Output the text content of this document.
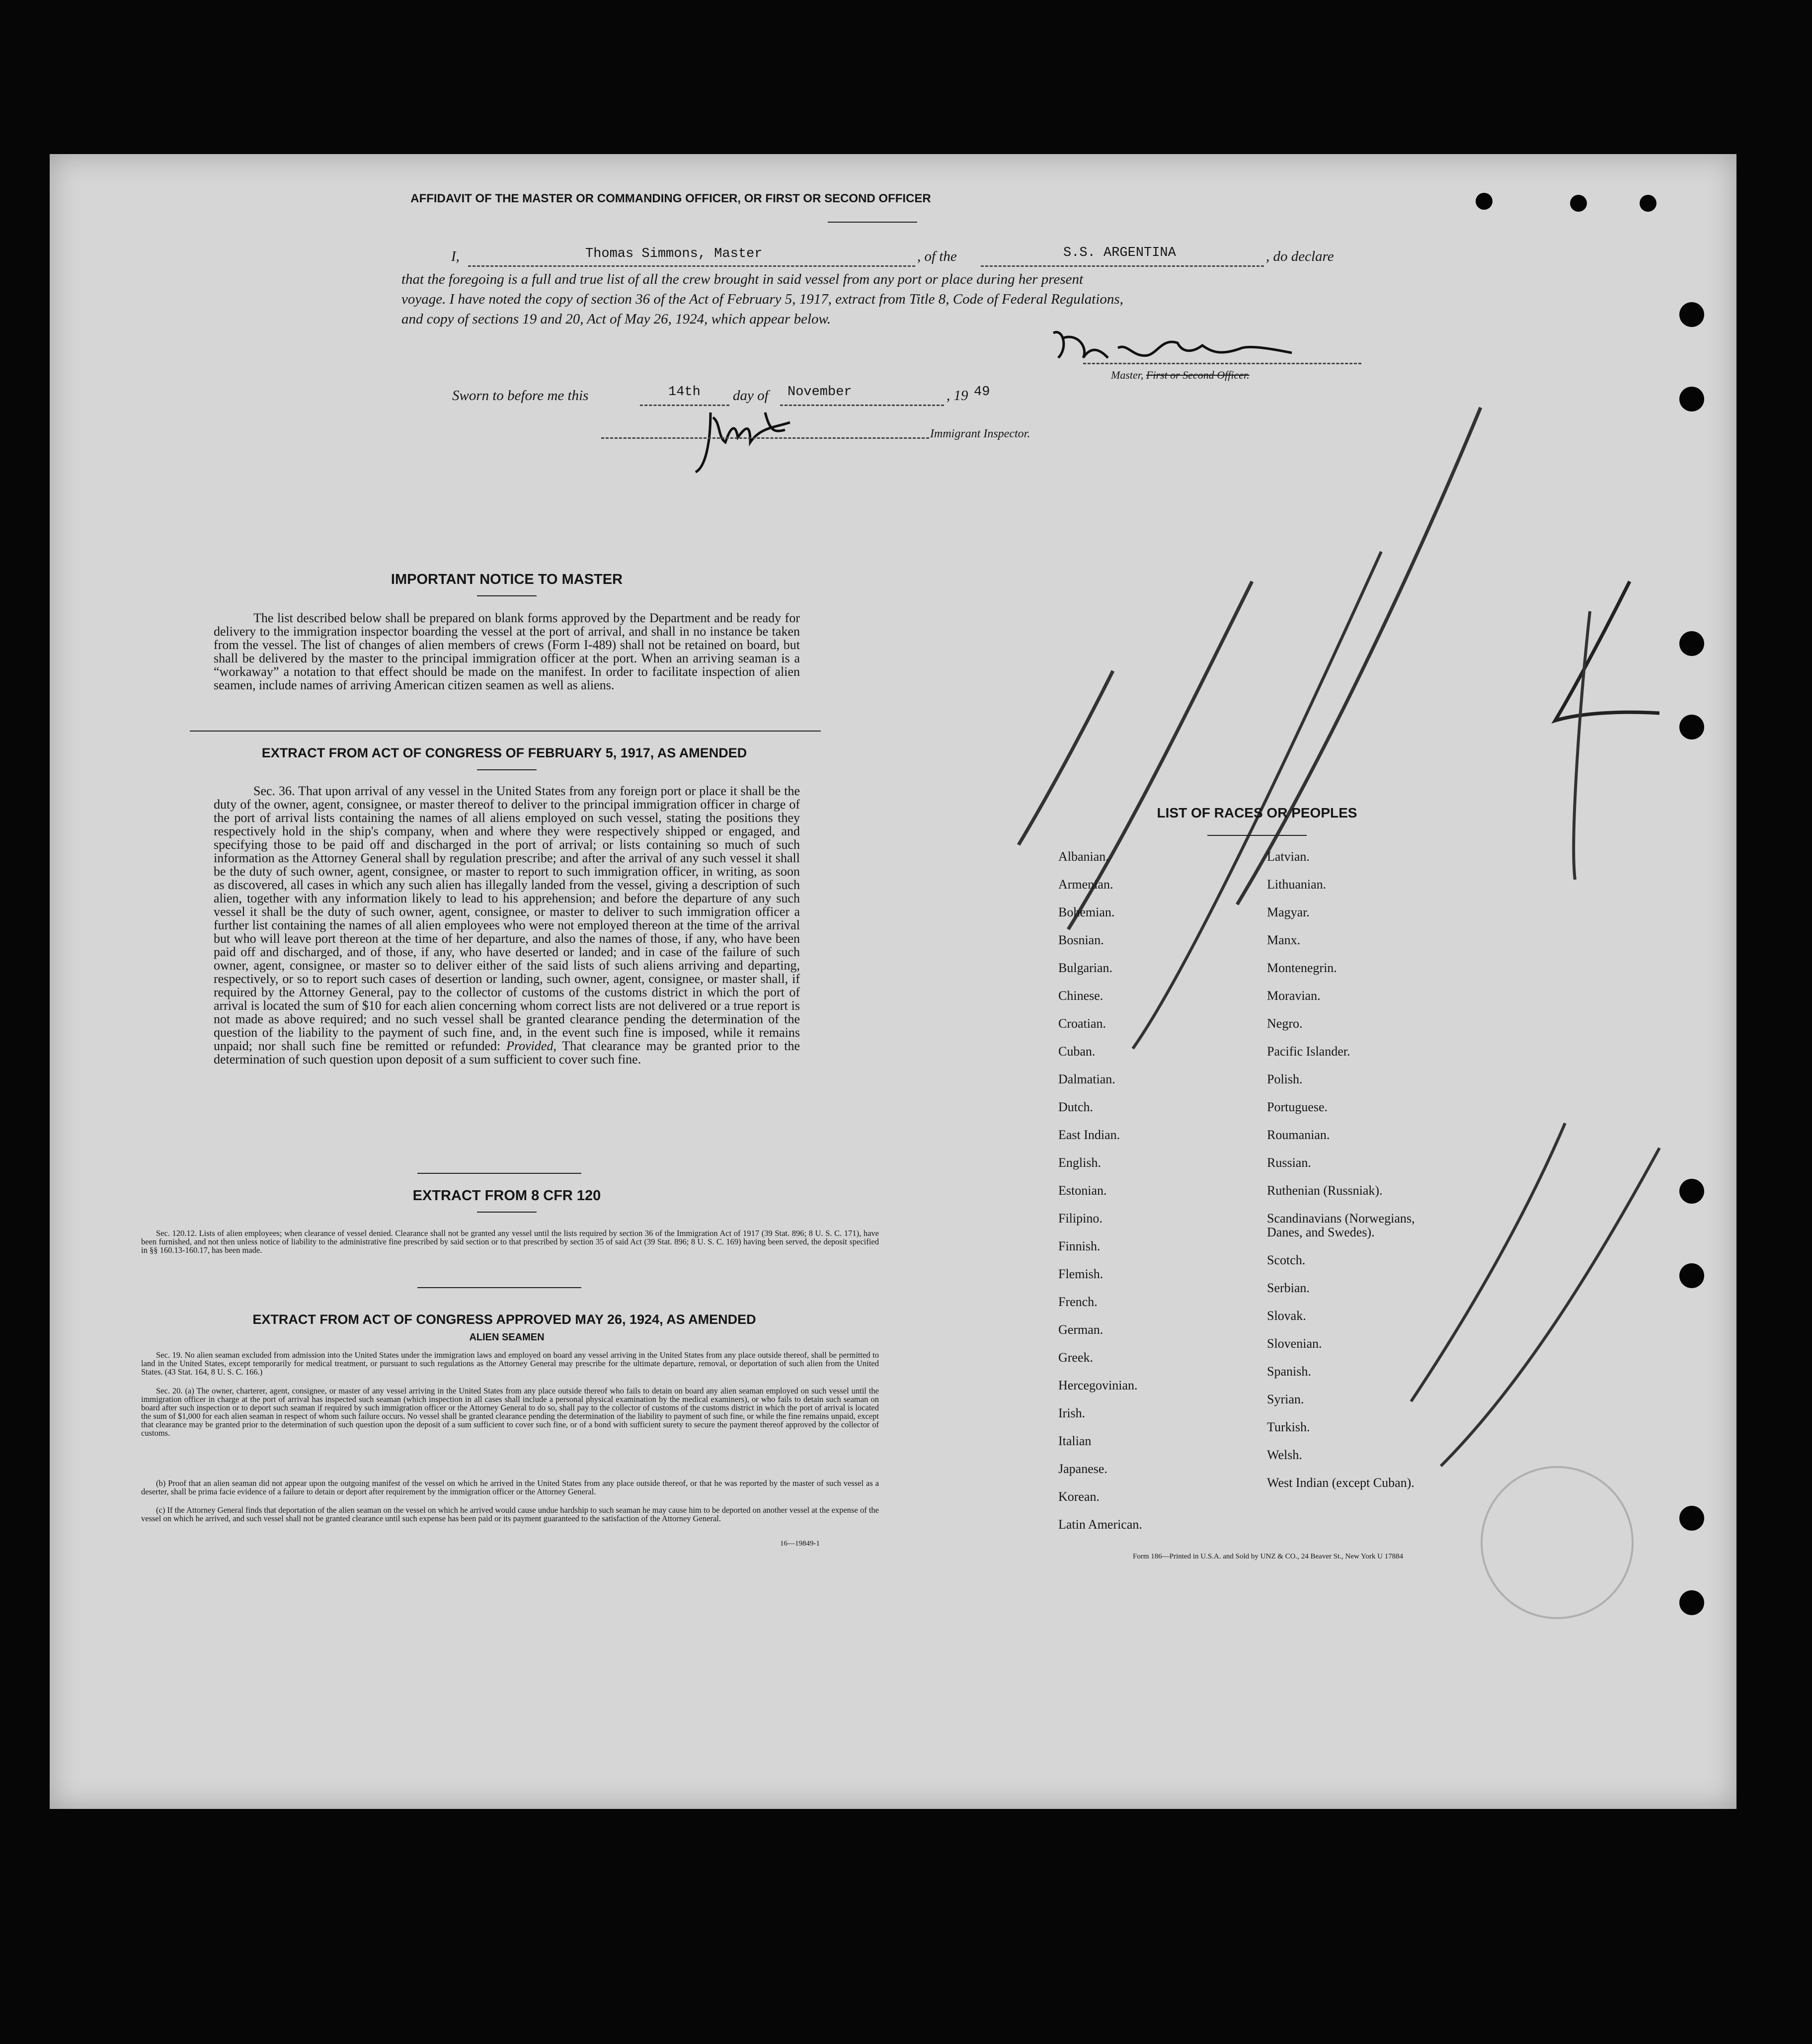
AFFIDAVIT OF THE MASTER OR COMMANDING OFFICER, OR FIRST OR SECOND OFFICER
I,	Thomas Simmons, Master	, of the	S.S. ARGENTINA	, do declare
that the foregoing is a full and true list of all the crew brought in said vessel from any port or place during her present
voyage. I have noted the copy of section 36 of the Act of February 5, 1917, extract from Title 8, Code of Federal Regulations,
and copy of sections 19 and 20, Act of May 26, 1924, which appear below.
Master, First or Second Officer.
Sworn to before me this	14th day of November	, 19 49
Immigrant Inspector.
IMPORTANT NOTICE TO MASTER
The list described below shall be prepared on blank forms approved by the Department and be ready for delivery to the immigration inspector boarding the vessel at the port of arrival, and shall in no instance be taken from the vessel. The list of changes of alien members of crews (Form I-489) shall not be retained on board, but shall be delivered by the master to the principal immigration officer at the port. When an arriving seaman is a “workaway” a notation to that effect should be made on the manifest. In order to facilitate inspection of alien seamen, include names of arriving American citizen seamen as well as aliens.
EXTRACT FROM ACT OF CONGRESS OF FEBRUARY 5, 1917, AS AMENDED
Sec. 36. That upon arrival of any vessel in the United States from any foreign port or place it shall be the duty of the owner, agent, consignee, or master thereof to deliver to the principal immigration officer in charge of the port of arrival lists containing the names of all aliens employed on such vessel, stating the positions they respectively hold in the ship's company, when and where they were respectively shipped or engaged, and specifying those to be paid off and discharged in the port of arrival; or lists containing so much of such information as the Attorney General shall by regulation prescribe; and after the arrival of any such vessel it shall be the duty of such owner, agent, consignee, or master to report to such immigration officer, in writing, as soon as discovered, all cases in which any such alien has illegally landed from the vessel, giving a description of such alien, together with any information likely to lead to his apprehension; and before the departure of any such vessel it shall be the duty of such owner, agent, consignee, or master to deliver to such immigration officer a further list containing the names of all alien employees who were not employed thereon at the time of the arrival but who will leave port thereon at the time of her departure, and also the names of those, if any, who have been paid off and discharged, and of those, if any, who have deserted or landed; and in case of the failure of such owner, agent, consignee, or master so to deliver either of the said lists of such aliens arriving and departing, respectively, or so to report such cases of desertion or landing, such owner, agent, consignee, or master shall, if required by the Attorney General, pay to the collector of customs of the customs district in which the port of arrival is located the sum of $10 for each alien concerning whom correct lists are not delivered or a true report is not made as above required; and no such vessel shall be granted clearance pending the determination of the question of the liability to the payment of such fine, and, in the event such fine is imposed, while it remains unpaid; nor shall such fine be remitted or refunded: Provided, That clearance may be granted prior to the determination of such question upon deposit of a sum sufficient to cover such fine.
EXTRACT FROM 8 CFR 120
Sec. 120.12. Lists of alien employees; when clearance of vessel denied. Clearance shall not be granted any vessel until the lists required by section 36 of the Immigration Act of 1917 (39 Stat. 896; 8 U. S. C. 171), have been furnished, and not then unless notice of liability to the administrative fine prescribed by said section or to that prescribed by section 35 of said Act (39 Stat. 896; 8 U. S. C. 169) having been served, the deposit specified in §§ 160.13-160.17, has been made.
EXTRACT FROM ACT OF CONGRESS APPROVED MAY 26, 1924, AS AMENDED
ALIEN SEAMEN
Sec. 19. No alien seaman excluded from admission into the United States under the immigration laws and employed on board any vessel arriving in the United States from any place outside thereof, shall be permitted to land in the United States, except temporarily for medical treatment, or pursuant to such regulations as the Attorney General may prescribe for the ultimate departure, removal, or deportation of such alien from the United States. (43 Stat. 164, 8 U. S. C. 166.)
Sec. 20. (a) The owner, charterer, agent, consignee, or master of any vessel arriving in the United States from any place outside thereof who fails to detain on board any alien seaman employed on such vessel until the immigration officer in charge at the port of arrival has inspected such seaman (which inspection in all cases shall include a personal physical examination by the medical examiners), or who fails to detain such seaman on board after such inspection or to deport such seaman if required by such immigration officer or the Attorney General to do so, shall pay to the collector of customs of the customs district in which the port of arrival is located the sum of $1,000 for each alien seaman in respect of whom such failure occurs. No vessel shall be granted clearance pending the determination of the liability to payment of such fine, or while the fine remains unpaid, except that clearance may be granted prior to the determination of such question upon the deposit of a sum sufficient to cover such fine, or of a bond with sufficient surety to secure the payment thereof approved by the collector of customs.
(b) Proof that an alien seaman did not appear upon the outgoing manifest of the vessel on which he arrived in the United States from any place outside thereof, or that he was reported by the master of such vessel as a deserter, shall be prima facie evidence of a failure to detain or deport after requirement by the immigration officer or the Attorney General.
(c) If the Attorney General finds that deportation of the alien seaman on the vessel on which he arrived would cause undue hardship to such seaman he may cause him to be deported on another vessel at the expense of the vessel on which he arrived, and such vessel shall not be granted clearance until such expense has been paid or its payment guaranteed to the satisfaction of the Attorney General.
16—19849-1
LIST OF RACES OR PEOPLES
Albanian.
Armenian.
Bohemian.
Bosnian.
Bulgarian.
Chinese.
Croatian.
Cuban.
Dalmatian.
Dutch.
East Indian.
English.
Estonian.
Filipino.
Finnish.
Flemish.
French.
German.
Greek.
Hercegovinian.
Irish.
Italian
Japanese.
Korean.
Latin American.
Latvian.
Lithuanian.
Magyar.
Manx.
Montenegrin.
Moravian.
Negro.
Pacific Islander.
Polish.
Portuguese.
Roumanian.
Russian.
Ruthenian (Russniak).
Scandinavians (Norwegians,
Danes, and Swedes).
Scotch.
Serbian.
Slovak.
Slovenian.
Spanish.
Syrian.
Turkish.
Welsh.
West Indian (except Cuban).
Form 186—Printed in U.S.A. and Sold by UNZ & CO., 24 Beaver St., New York U 17884
